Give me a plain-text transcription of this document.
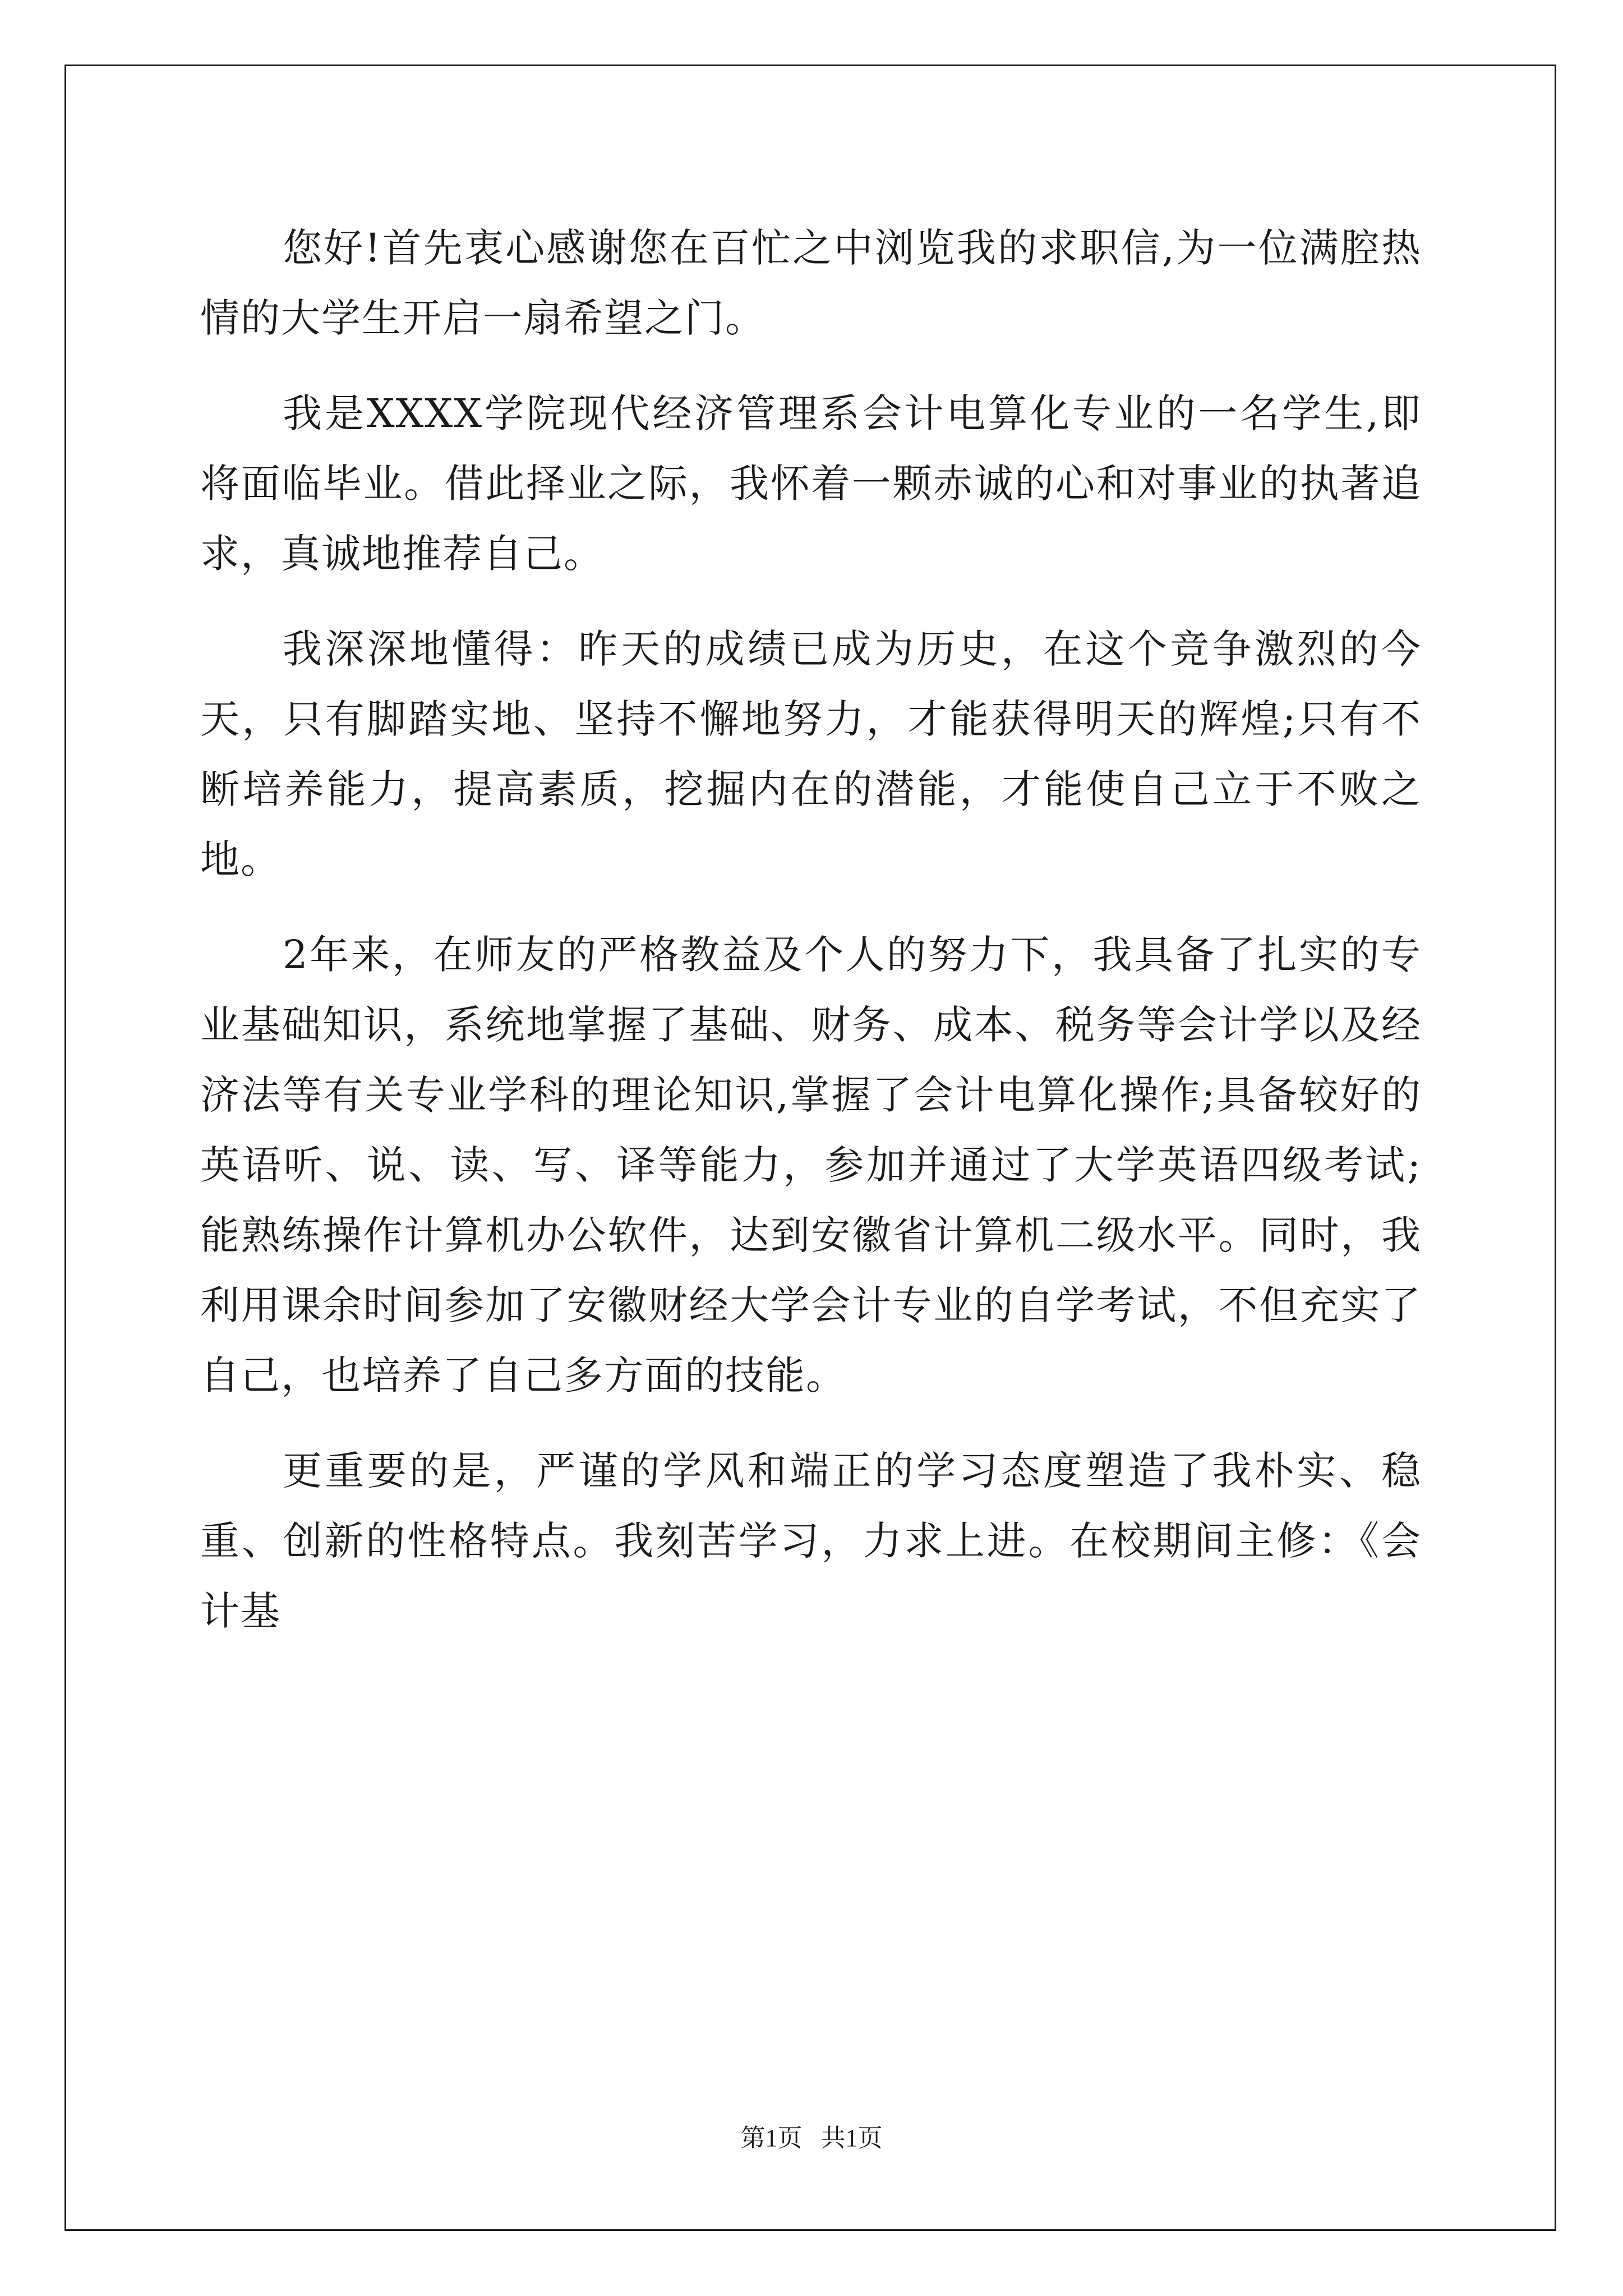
您好!首先衷心感谢您在百忙之中浏览我的求职信,为一位满腔热情的大学生开启一扇希望之门。

我是XXXX学院现代经济管理系会计电算化专业的一名学生,即将面临毕业。借此择业之际，我怀着一颗赤诚的心和对事业的执著追求，真诚地推荐自己。

我深深地懂得：昨天的成绩已成为历史，在这个竞争激烈的今天，只有脚踏实地、坚持不懈地努力，才能获得明天的辉煌;只有不断培养能力，提高素质，挖掘内在的潜能，才能使自己立于不败之地。

2年来，在师友的严格教益及个人的努力下，我具备了扎实的专业基础知识，系统地掌握了基础、财务、成本、税务等会计学以及经济法等有关专业学科的理论知识,掌握了会计电算化操作;具备较好的英语听、说、读、写、译等能力，参加并通过了大学英语四级考试;能熟练操作计算机办公软件，达到安徽省计算机二级水平。同时，我利用课余时间参加了安徽财经大学会计专业的自学考试，不但充实了自己，也培养了自己多方面的技能。

更重要的是，严谨的学风和端正的学习态度塑造了我朴实、稳重、创新的性格特点。我刻苦学习，力求上进。在校期间主修：《会计基

第1页   共1页
